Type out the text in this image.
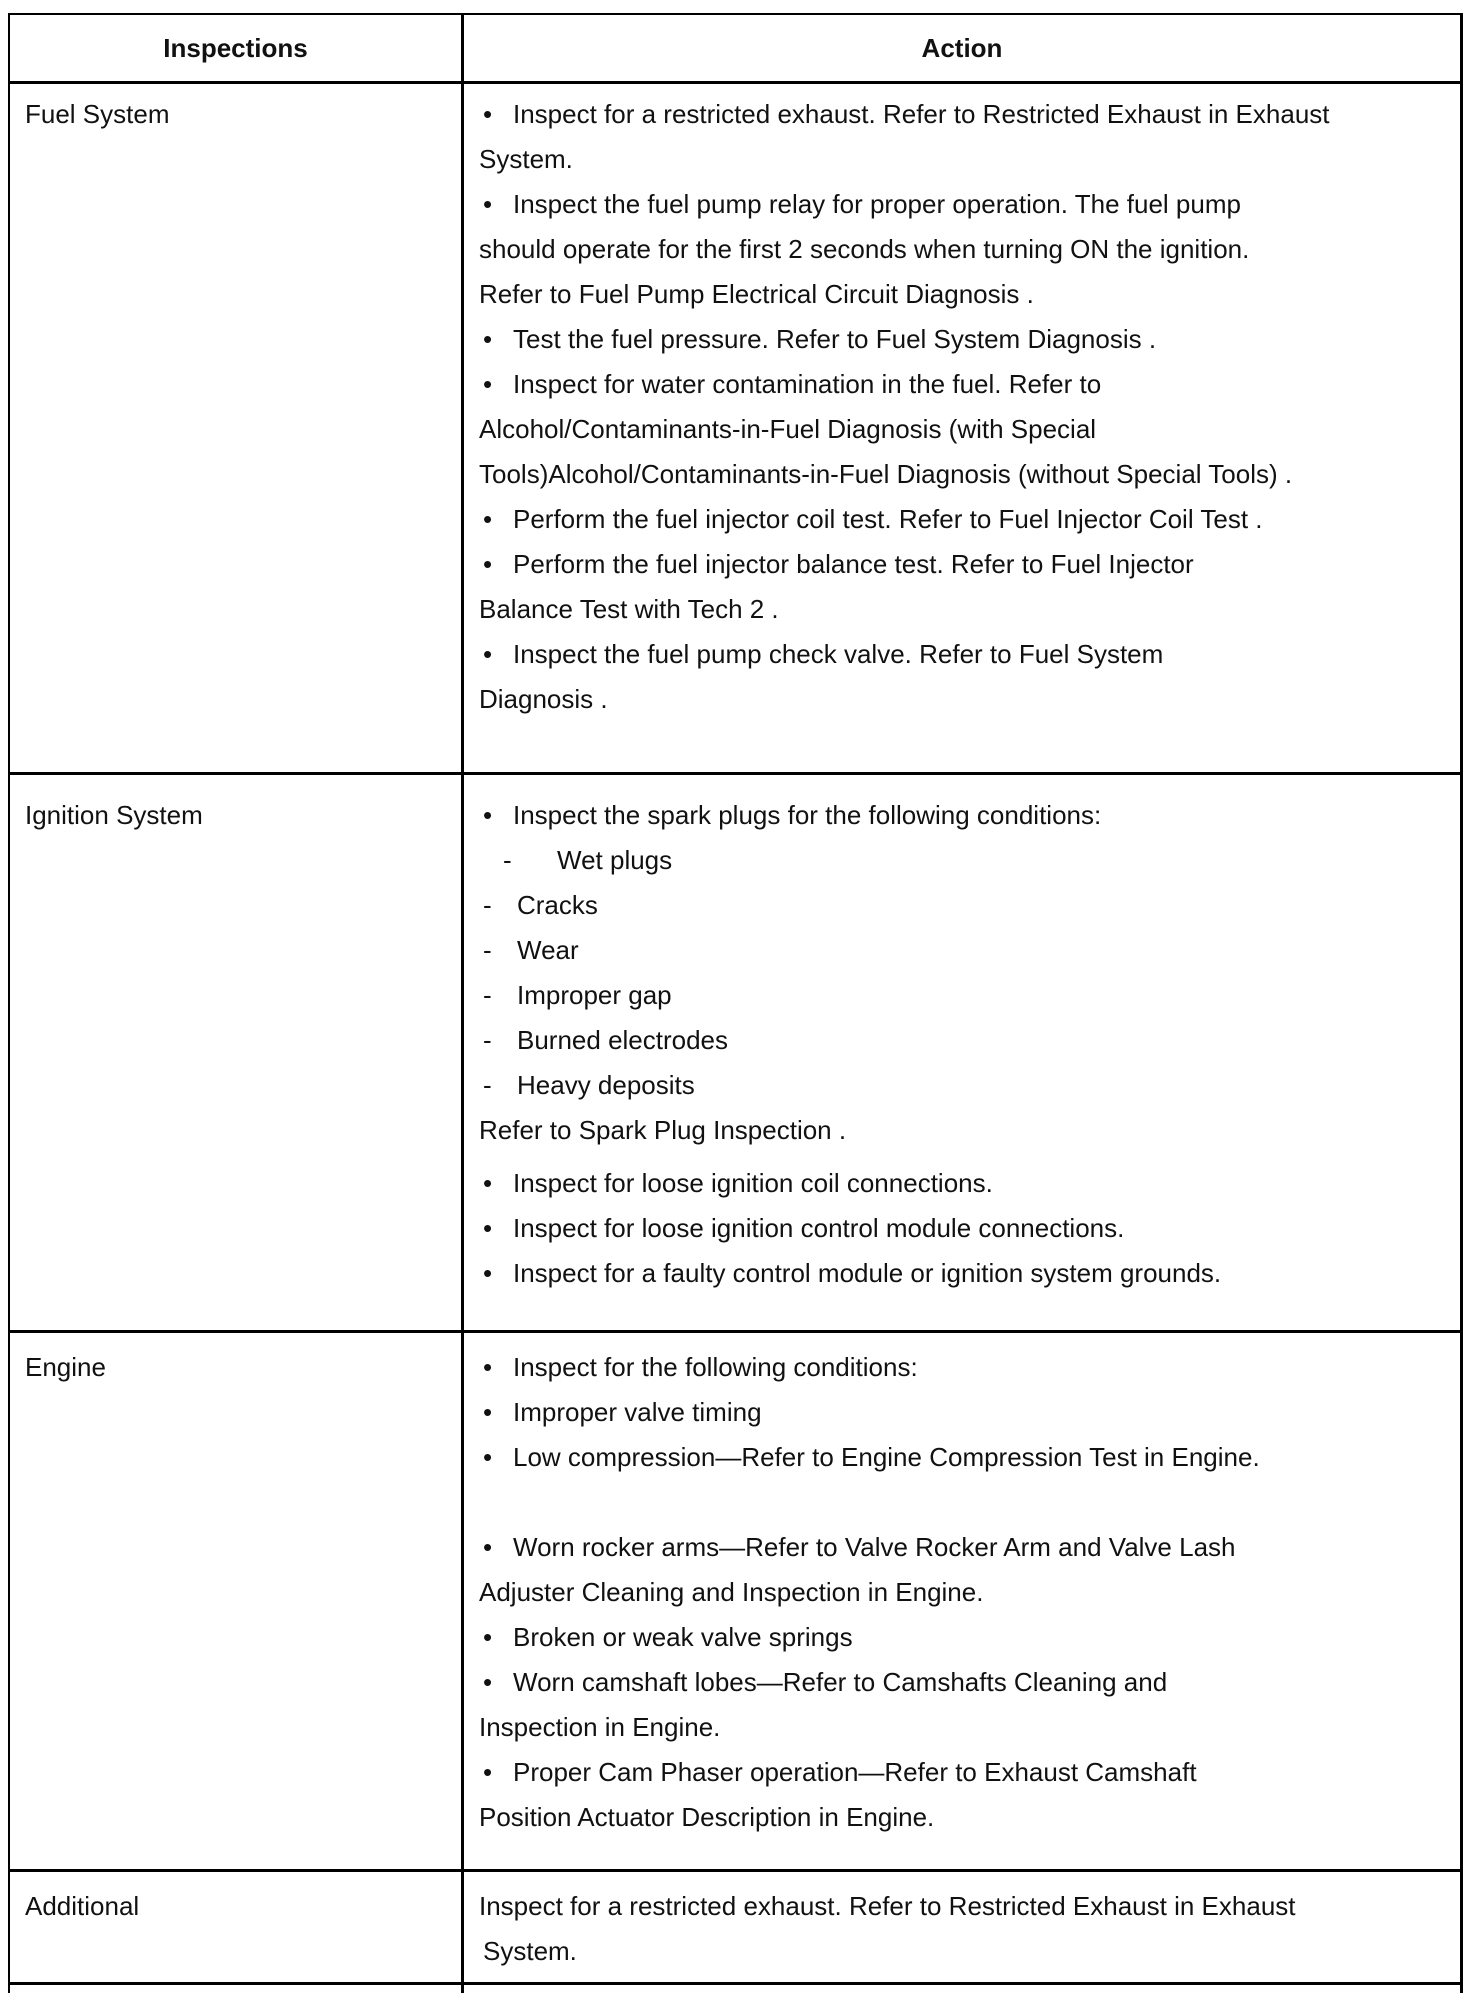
Inspections	Action
Fuel System	• Inspect for a restricted exhaust. Refer to Restricted Exhaust in Exhaust
System.
• Inspect the fuel pump relay for proper operation. The fuel pump
should operate for the first 2 seconds when turning ON the ignition.
Refer to Fuel Pump Electrical Circuit Diagnosis .
• Test the fuel pressure. Refer to Fuel System Diagnosis .
• Inspect for water contamination in the fuel. Refer to
Alcohol/Contaminants-in-Fuel Diagnosis (with Special
Tools)Alcohol/Contaminants-in-Fuel Diagnosis (without Special Tools) .
• Perform the fuel injector coil test. Refer to Fuel Injector Coil Test .
• Perform the fuel injector balance test. Refer to Fuel Injector
Balance Test with Tech 2 .
• Inspect the fuel pump check valve. Refer to Fuel System
Diagnosis .
Ignition System	• Inspect the spark plugs for the following conditions:
- Wet plugs
- Cracks
- Wear
- Improper gap
- Burned electrodes
- Heavy deposits
Refer to Spark Plug Inspection .
• Inspect for loose ignition coil connections.
• Inspect for loose ignition control module connections.
• Inspect for a faulty control module or ignition system grounds.
Engine	• Inspect for the following conditions:
• Improper valve timing
• Low compression—Refer to Engine Compression Test in Engine.
• Worn rocker arms—Refer to Valve Rocker Arm and Valve Lash
Adjuster Cleaning and Inspection in Engine.
• Broken or weak valve springs
• Worn camshaft lobes—Refer to Camshafts Cleaning and
Inspection in Engine.
• Proper Cam Phaser operation—Refer to Exhaust Camshaft
Position Actuator Description in Engine.
Additional	Inspect for a restricted exhaust. Refer to Restricted Exhaust in Exhaust
System.
